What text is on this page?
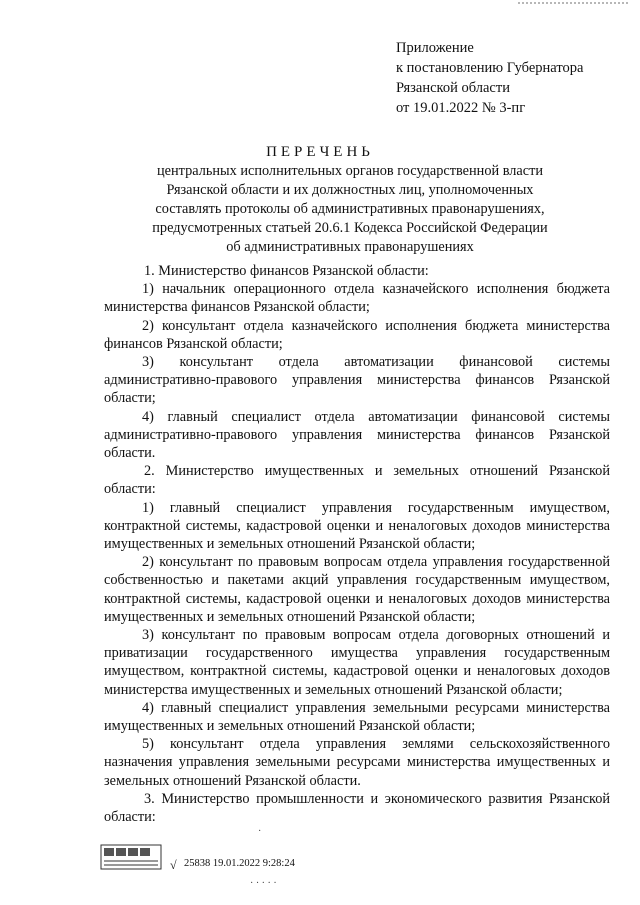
Приложение
к постановлению Губернатора
Рязанской области
от 19.01.2022 № 3-пг
ПЕРЕЧЕНЬ
центральных исполнительных органов государственной власти
Рязанской области и их должностных лиц, уполномоченных
составлять протоколы об административных правонарушениях,
предусмотренных статьей 20.6.1 Кодекса Российской Федерации
об административных правонарушениях

1. Министерство финансов Рязанской области:

1) начальник операционного отдела казначейского исполнения бюджета министерства финансов Рязанской области;

2) консультант отдела казначейского исполнения бюджета министерства финансов Рязанской области;

3) консультант отдела автоматизации финансовой системы административно-правового управления министерства финансов Рязанской области;

4) главный специалист отдела автоматизации финансовой системы административно-правового управления министерства финансов Рязанской области.

2. Министерство имущественных и земельных отношений Рязанской области:

1) главный специалист управления государственным имуществом, контрактной системы, кадастровой оценки и неналоговых доходов министерства имущественных и земельных отношений Рязанской области;

2) консультант по правовым вопросам отдела управления государственной собственностью и пакетами акций управления государственным имуществом, контрактной системы, кадастровой оценки и неналоговых доходов министерства имущественных и земельных отношений Рязанской области;

3) консультант по правовым вопросам отдела договорных отношений и приватизации государственного имущества управления государственным имуществом, контрактной системы, кадастровой оценки и неналоговых доходов министерства имущественных и земельных отношений Рязанской области;

4) главный специалист управления земельными ресурсами министерства имущественных и земельных отношений Рязанской области;

5) консультант отдела управления землями сельскохозяйственного назначения управления земельными ресурсами министерства имущественных и земельных отношений Рязанской области.

3. Министерство промышленности и экономического развития Рязанской области:

·
· · · · ·
√ 25838 19.01.2022 9:28:24
